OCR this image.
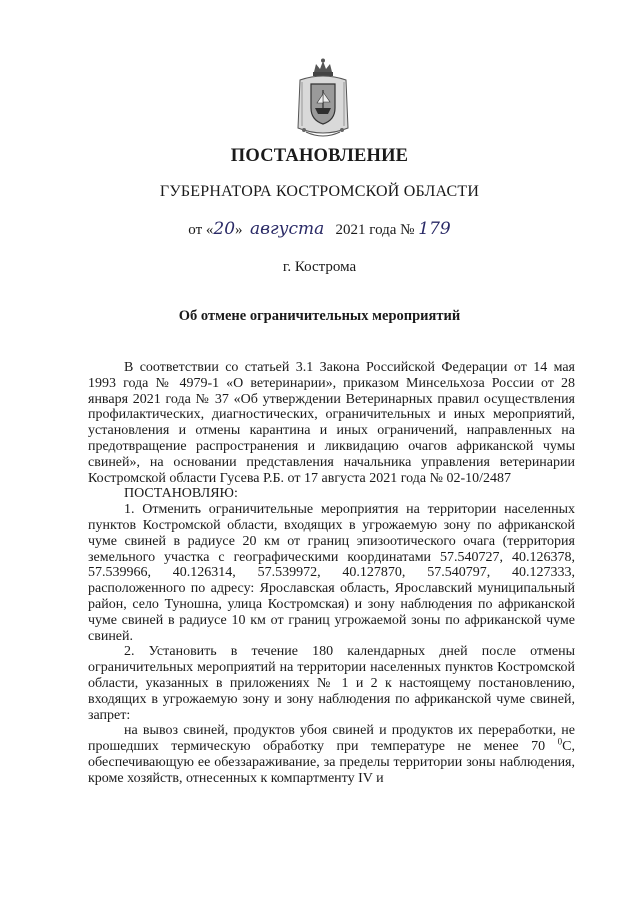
ПОСТАНОВЛЕНИЕ
ГУБЕРНАТОРА КОСТРОМСКОЙ ОБЛАСТИ
от «20» августа 2021 года № 179
г. Кострома
Об отмене ограничительных мероприятий

В соответствии со статьей 3.1 Закона Российской Федерации от 14 мая 1993 года № 4979-1 «О ветеринарии», приказом Минсельхоза России от 28 января 2021 года № 37 «Об утверждении Ветеринарных правил осуществления профилактических, диагностических, ограничительных и иных мероприятий, установления и отмены карантина и иных ограничений, направленных на предотвращение распространения и ликвидацию очагов африканской чумы свиней», на основании представления начальника управления ветеринарии Костромской области Гусева Р.Б. от 17 августа 2021 года № 02-10/2487

ПОСТАНОВЛЯЮ:

1. Отменить ограничительные мероприятия на территории населенных пунктов Костромской области, входящих в угрожаемую зону по африканской чуме свиней в радиусе 20 км от границ эпизоотического очага (территория земельного участка с географическими координатами 57.540727, 40.126378, 57.539966, 40.126314, 57.539972, 40.127870, 57.540797, 40.127333, расположенного по адресу: Ярославская область, Ярославский муниципальный район, село Туношна, улица Костромская) и зону наблюдения по африканской чуме свиней в радиусе 10 км от границ угрожаемой зоны по африканской чуме свиней.

2. Установить в течение 180 календарных дней после отмены ограничительных мероприятий на территории населенных пунктов Костромской области, указанных в приложениях № 1 и 2 к настоящему постановлению, входящих в угрожаемую зону и зону наблюдения по африканской чуме свиней, запрет:

на вывоз свиней, продуктов убоя свиней и продуктов их переработки, не прошедших термическую обработку при температуре не менее 70 $^0$С, обеспечивающую ее обеззараживание, за пределы территории зоны наблюдения, кроме хозяйств, отнесенных к компартменту IV и
